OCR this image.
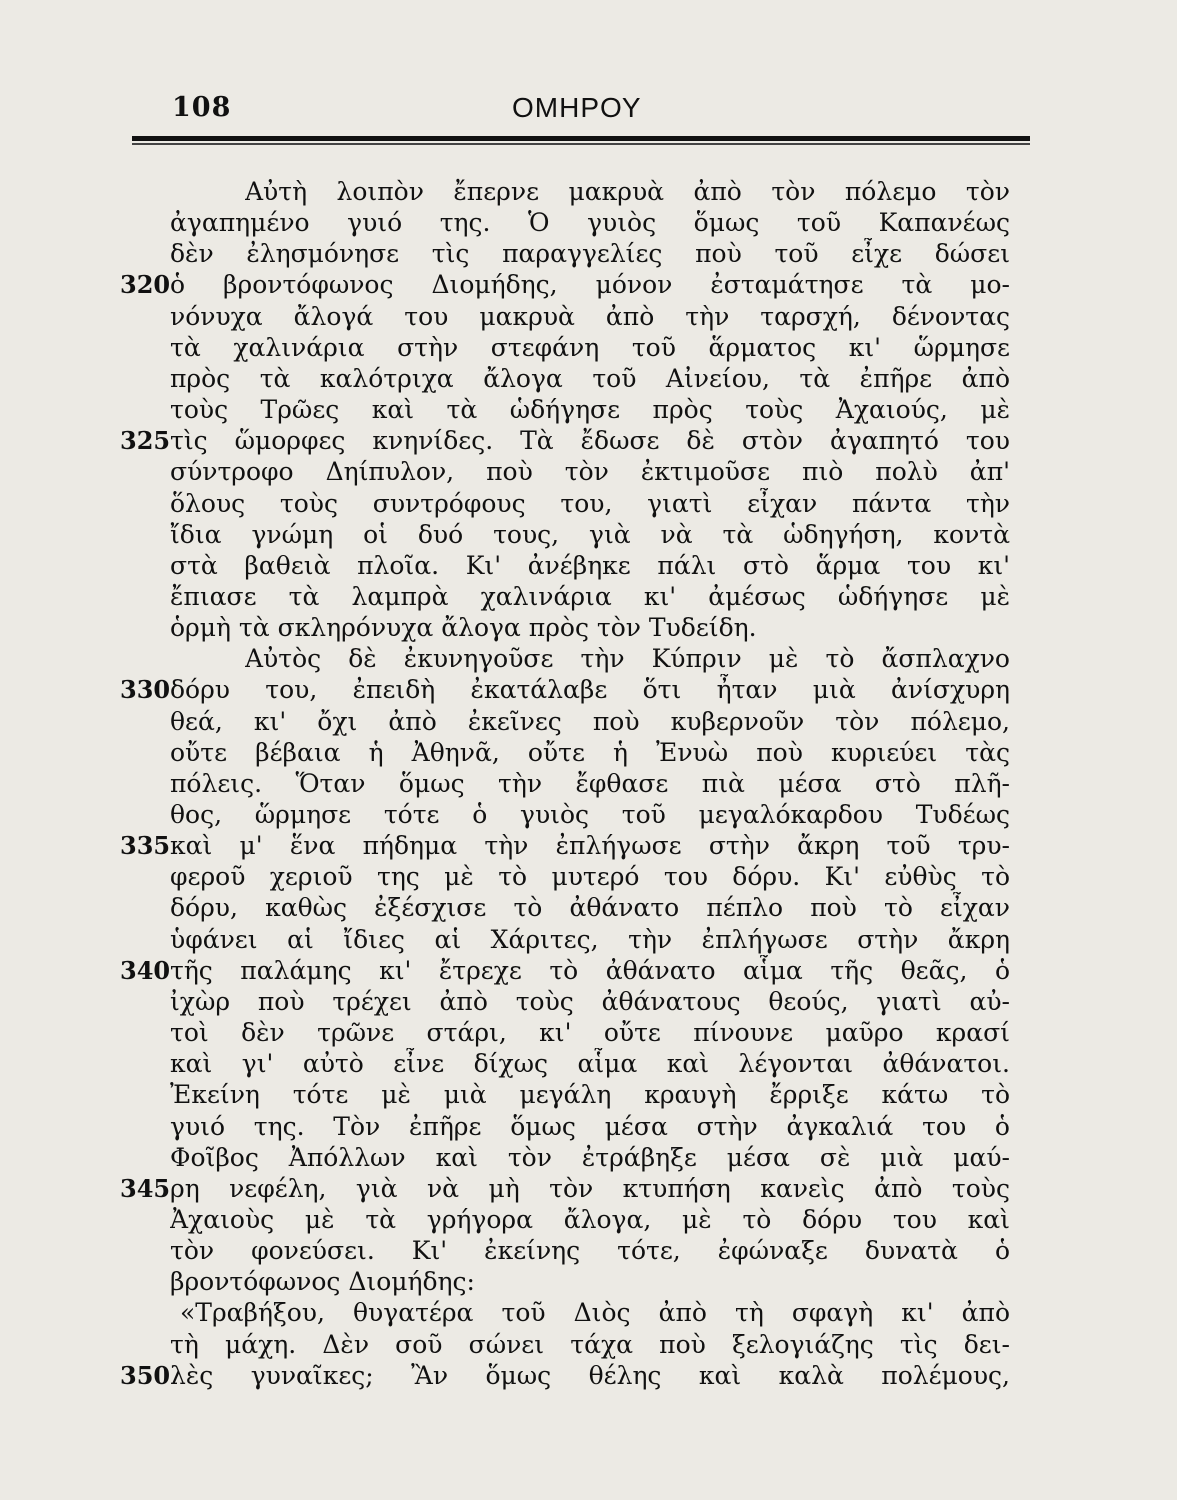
108	ΟΜΗΡΟΥ
Αὐτὴ λοιπὸν ἔπερνε μακρυὰ ἀπὸ τὸν πόλεμο τὸν
ἀγαπημένο γυιό της. Ὁ γυιὸς ὅμως τοῦ Καπανέως
δὲν ἐλησμόνησε τὶς παραγγελίες ποὺ τοῦ εἶχε δώσει
320 ὁ βροντόφωνος Διομήδης, μόνον ἐσταμάτησε τὰ μο-
νόνυχα ἄλογά του μακρυὰ ἀπὸ τὴν ταρσχή, δένοντας
τὰ χαλινάρια στὴν στεφάνη τοῦ ἅρματος κι' ὥρμησε
πρὸς τὰ καλότριχα ἄλογα τοῦ Αἰνείου, τὰ ἐπῆρε ἀπὸ
τοὺς Τρῶες καὶ τὰ ὡδήγησε πρὸς τοὺς Ἀχαιούς, μὲ
325 τὶς ὥμορφες κνηνίδες. Τὰ ἔδωσε δὲ στὸν ἀγαπητό του
σύντροφο Δηίπυλον, ποὺ τὸν ἐκτιμοῦσε πιὸ πολὺ ἀπ'
ὅλους τοὺς συντρόφους του, γιατὶ εἶχαν πάντα τὴν
ἴδια γνώμη οἱ δυό τους, γιὰ νὰ τὰ ὡδηγήση, κοντὰ
στὰ βαθειὰ πλοῖα. Κι' ἀνέβηκε πάλι στὸ ἅρμα του κι'
ἔπιασε τὰ λαμπρὰ χαλινάρια κι' ἀμέσως ὡδήγησε μὲ
ὁρμὴ τὰ σκληρόνυχα ἄλογα πρὸς τὸν Τυδείδη.
Αὐτὸς δὲ ἐκυνηγοῦσε τὴν Κύπριν μὲ τὸ ἄσπλαχνο
330 δόρυ του, ἐπειδὴ ἐκατάλαβε ὅτι ἦταν μιὰ ἀνίσχυρη
θεά, κι' ὄχι ἀπὸ ἐκεῖνες ποὺ κυβερνοῦν τὸν πόλεμο,
οὔτε βέβαια ἡ Ἀθηνᾶ, οὔτε ἡ Ἐνυὼ ποὺ κυριεύει τὰς
πόλεις. Ὅταν ὅμως τὴν ἔφθασε πιὰ μέσα στὸ πλῆ-
θος, ὥρμησε τότε ὁ γυιὸς τοῦ μεγαλόκαρδου Τυδέως
335 καὶ μ' ἕνα πήδημα τὴν ἐπλήγωσε στὴν ἄκρη τοῦ τρυ-
φεροῦ χεριοῦ της μὲ τὸ μυτερό του δόρυ. Κι' εὐθὺς τὸ
δόρυ, καθὼς ἐξέσχισε τὸ ἀθάνατο πέπλο ποὺ τὸ εἶχαν
ὑφάνει αἱ ἴδιες αἱ Χάριτες, τὴν ἐπλήγωσε στὴν ἄκρη
340 τῆς παλάμης κι' ἔτρεχε τὸ ἀθάνατο αἷμα τῆς θεᾶς, ὁ
ἰχὼρ ποὺ τρέχει ἀπὸ τοὺς ἀθάνατους θεούς, γιατὶ αὐ-
τοὶ δὲν τρῶνε στάρι, κι' οὔτε πίνουνε μαῦρο κρασί
καὶ γι' αὐτὸ εἶνε δίχως αἷμα καὶ λέγονται ἀθάνατοι.
Ἐκείνη τότε μὲ μιὰ μεγάλη κραυγὴ ἔρριξε κάτω τὸ
γυιό της. Τὸν ἐπῆρε ὅμως μέσα στὴν ἀγκαλιά του ὁ
Φοῖβος Ἀπόλλων καὶ τὸν ἐτράβηξε μέσα σὲ μιὰ μαύ-
345 ρη νεφέλη, γιὰ νὰ μὴ τὸν κτυπήση κανεὶς ἀπὸ τοὺς
Ἀχαιοὺς μὲ τὰ γρήγορα ἄλογα, μὲ τὸ δόρυ του καὶ
τὸν φονεύσει. Κι' ἐκείνης τότε, ἐφώναξε δυνατὰ ὁ
βροντόφωνος Διομήδης:
«Τραβήξου, θυγατέρα τοῦ Διὸς ἀπὸ τὴ σφαγὴ κι' ἀπὸ
τὴ μάχη. Δὲν σοῦ σώνει τάχα ποὺ ξελογιάζης τὶς δει-
350 λὲς γυναῖκες; Ἂν ὅμως θέλης καὶ καλὰ πολέμους,
